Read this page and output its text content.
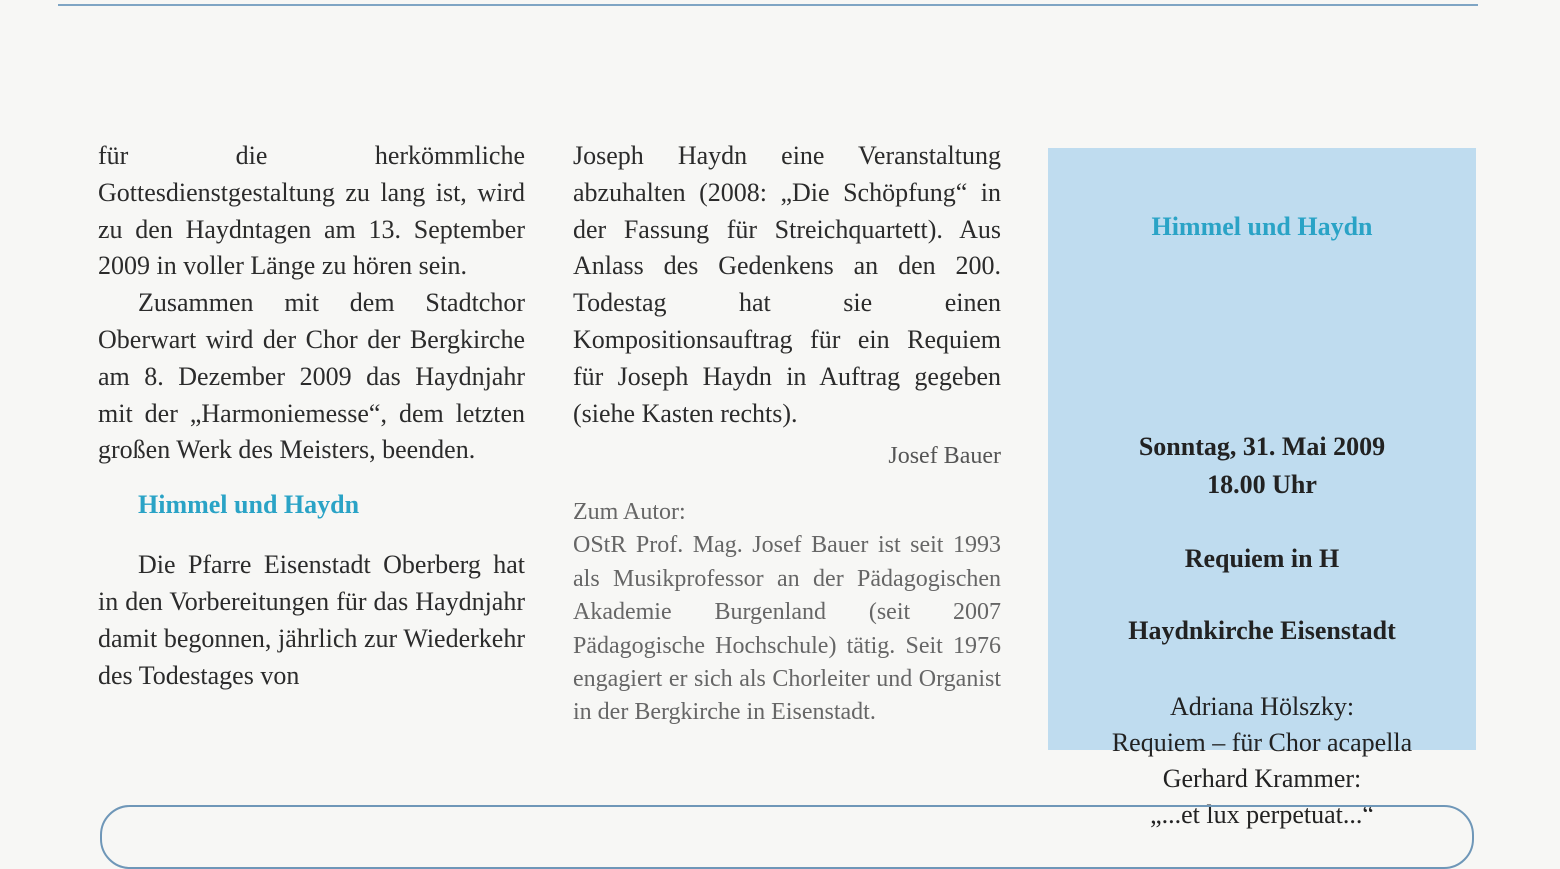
für die herkömmliche Gottesdienstgestaltung zu lang ist, wird zu den Haydntagen am 13. September 2009 in voller Länge zu hören sein.

Zusammen mit dem Stadtchor Oberwart wird der Chor der Bergkirche am 8. Dezember 2009 das Haydnjahr mit der „Harmoniemesse“, dem letzten großen Werk des Meisters, beenden.

Himmel und Haydn

Die Pfarre Eisenstadt Oberberg hat in den Vorbereitungen für das Haydnjahr damit begonnen, jährlich zur Wiederkehr des Todestages von

Joseph Haydn eine Veranstaltung abzuhalten (2008: „Die Schöpfung“ in der Fassung für Streichquartett). Aus Anlass des Gedenkens an den 200. Todestag hat sie einen Kompositionsauftrag für ein Requiem für Joseph Haydn in Auftrag gegeben (siehe Kasten rechts).

Josef Bauer

Zum Autor:

OStR Prof. Mag. Josef Bauer ist seit 1993 als Musikprofessor an der Pädagogischen Akademie Burgenland (seit 2007 Pädagogische Hochschule) tätig. Seit 1976 engagiert er sich als Chorleiter und Organist in der Bergkirche in Eisenstadt.

Himmel und Haydn
Sonntag, 31. Mai 2009
18.00 Uhr
Requiem in H
Haydnkirche Eisenstadt
Adriana Hölszky:
Requiem – für Chor acapella
Gerhard Krammer:
„...et lux perpetuat...“
